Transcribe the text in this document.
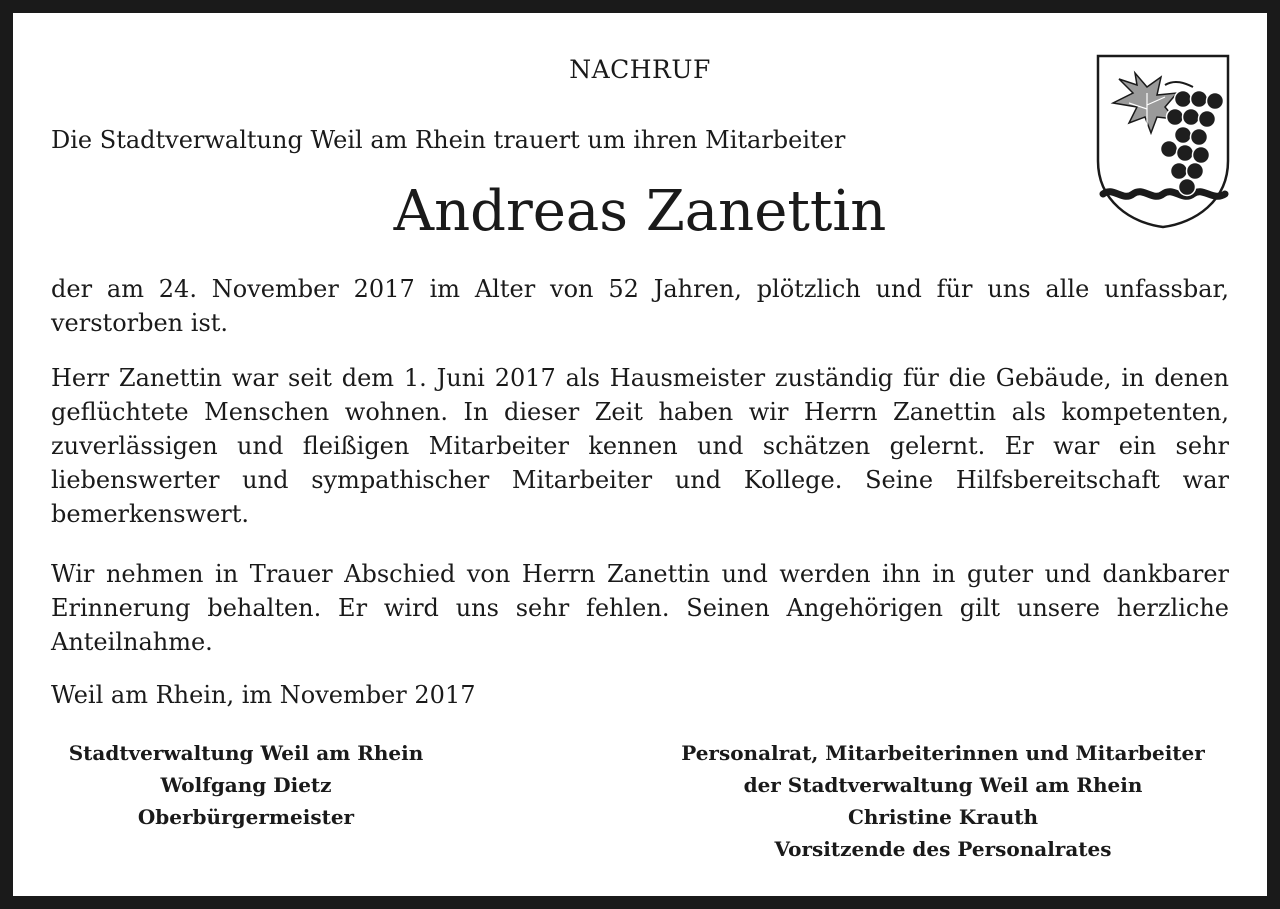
NACHRUF
Die Stadtverwaltung Weil am Rhein trauert um ihren Mitarbeiter
Andreas Zanettin

der am 24. November 2017 im Alter von 52 Jahren, plötzlich und für uns alle unfassbar, verstorben ist.

Herr Zanettin war seit dem 1. Juni 2017 als Hausmeister zuständig für die Gebäude, in denen geflüchtete Menschen wohnen. In dieser Zeit haben wir Herrn Zanettin als kompetenten, zuverlässigen und fleißigen Mitarbeiter kennen und schätzen gelernt. Er war ein sehr liebenswerter und sympathischer Mitarbeiter und Kollege. Seine Hilfsbereitschaft war bemerkenswert.

Wir nehmen in Trauer Abschied von Herrn Zanettin und werden ihn in guter und dankbarer Erinnerung behalten. Er wird uns sehr fehlen. Seinen Angehörigen gilt unsere herzliche Anteilnahme.

Weil am Rhein, im November 2017
Stadtverwaltung Weil am Rhein
Wolfgang Dietz
Oberbürgermeister
Personalrat, Mitarbeiterinnen und Mitarbeiter
der Stadtverwaltung Weil am Rhein
Christine Krauth
Vorsitzende des Personalrates
